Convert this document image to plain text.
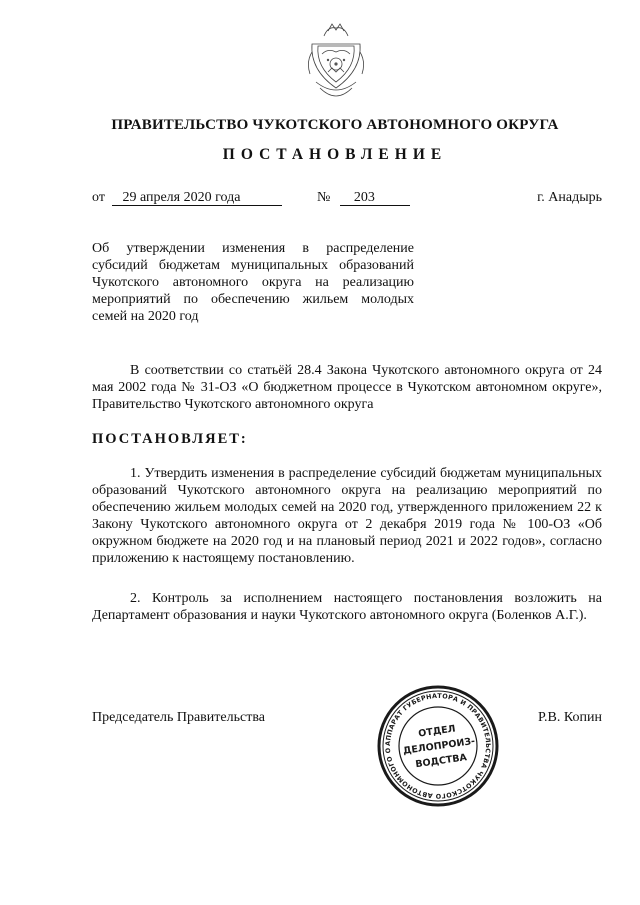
ПРАВИТЕЛЬСТВО ЧУКОТСКОГО АВТОНОМНОГО ОКРУГА
ПОСТАНОВЛЕНИЕ
от 29 апреля 2020 года	№ 203	г. Анадырь
Об утверждении изменения в распределение субсидий бюджетам муниципальных образований Чукотского автономного округа на реализацию мероприятий по обеспечению жильем молодых семей на 2020 год

В соответствии со статьёй 28.4 Закона Чукотского автономного округа от 24 мая 2002 года № 31-ОЗ «О бюджетном процессе в Чукотском автономном округе», Правительство Чукотского автономного округа

ПОСТАНОВЛЯЕТ:

1. Утвердить изменения в распределение субсидий бюджетам муниципальных образований Чукотского автономного округа на реализацию мероприятий по обеспечению жильем молодых семей на 2020 год, утвержденного приложением 22 к Закону Чукотского автономного округа от 2 декабря 2019 года № 100-ОЗ «Об окружном бюджете на 2020 год и на плановый период 2021 и 2022 годов», согласно приложению к настоящему постановлению.

2. Контроль за исполнением настоящего постановления возложить на Департамент образования и науки Чукотского автономного округа (Боленков А.Г.).

Председатель Правительства	Р.В. Копин
АППАРАТ ГУБЕРНАТОРА И ПРАВИТЕЛЬСТВА ЧУКОТСКОГО АВТОНОМНОГО О
ОТДЕЛ
ДЕЛОПРОИЗ-
ВОДСТВА
